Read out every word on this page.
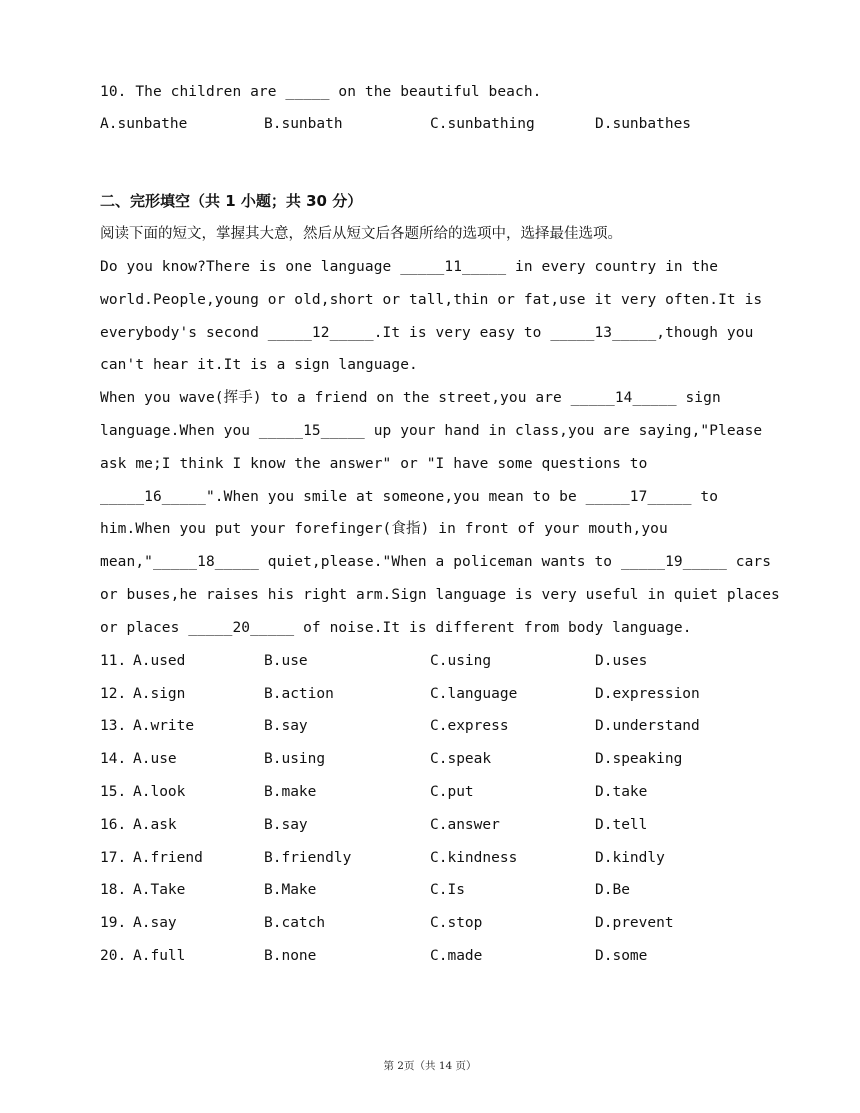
10. The children are _____ on the beautiful beach.
A.sunbathe	B.sunbath	C.sunbathing	D.sunbathes
二、完形填空（共 1 小题；共 30 分）
阅读下面的短文，掌握其大意，然后从短文后各题所给的选项中，选择最佳选项。
Do you know?There is one language _____11_____ in every country in the
world.People,young or old,short or tall,thin or fat,use it very often.It is
everybody's second _____12_____.It is very easy to _____13_____,though you
can't hear it.It is a sign language.
When you wave(挥手) to a friend on the street,you are _____14_____ sign
language.When you _____15_____ up your hand in class,you are saying,"Please
ask me;I think I know the answer" or "I have some questions to
_____16_____".When you smile at someone,you mean to be _____17_____ to
him.When you put your forefinger(食指) in front of your mouth,you
mean,"_____18_____ quiet,please."When a policeman wants to _____19_____ cars
or buses,he raises his right arm.Sign language is very useful in quiet places
or places _____20_____ of noise.It is different from body language.
11. A.used	B.use	C.using	D.uses
12. A.sign	B.action	C.language	D.expression
13. A.write	B.say	C.express	D.understand
14. A.use	B.using	C.speak	D.speaking
15. A.look	B.make	C.put	D.take
16. A.ask	B.say	C.answer	D.tell
17. A.friend	B.friendly	C.kindness	D.kindly
18. A.Take	B.Make	C.Is	D.Be
19. A.say	B.catch	C.stop	D.prevent
20. A.full	B.none	C.made	D.some
第 2页（共 14 页）
